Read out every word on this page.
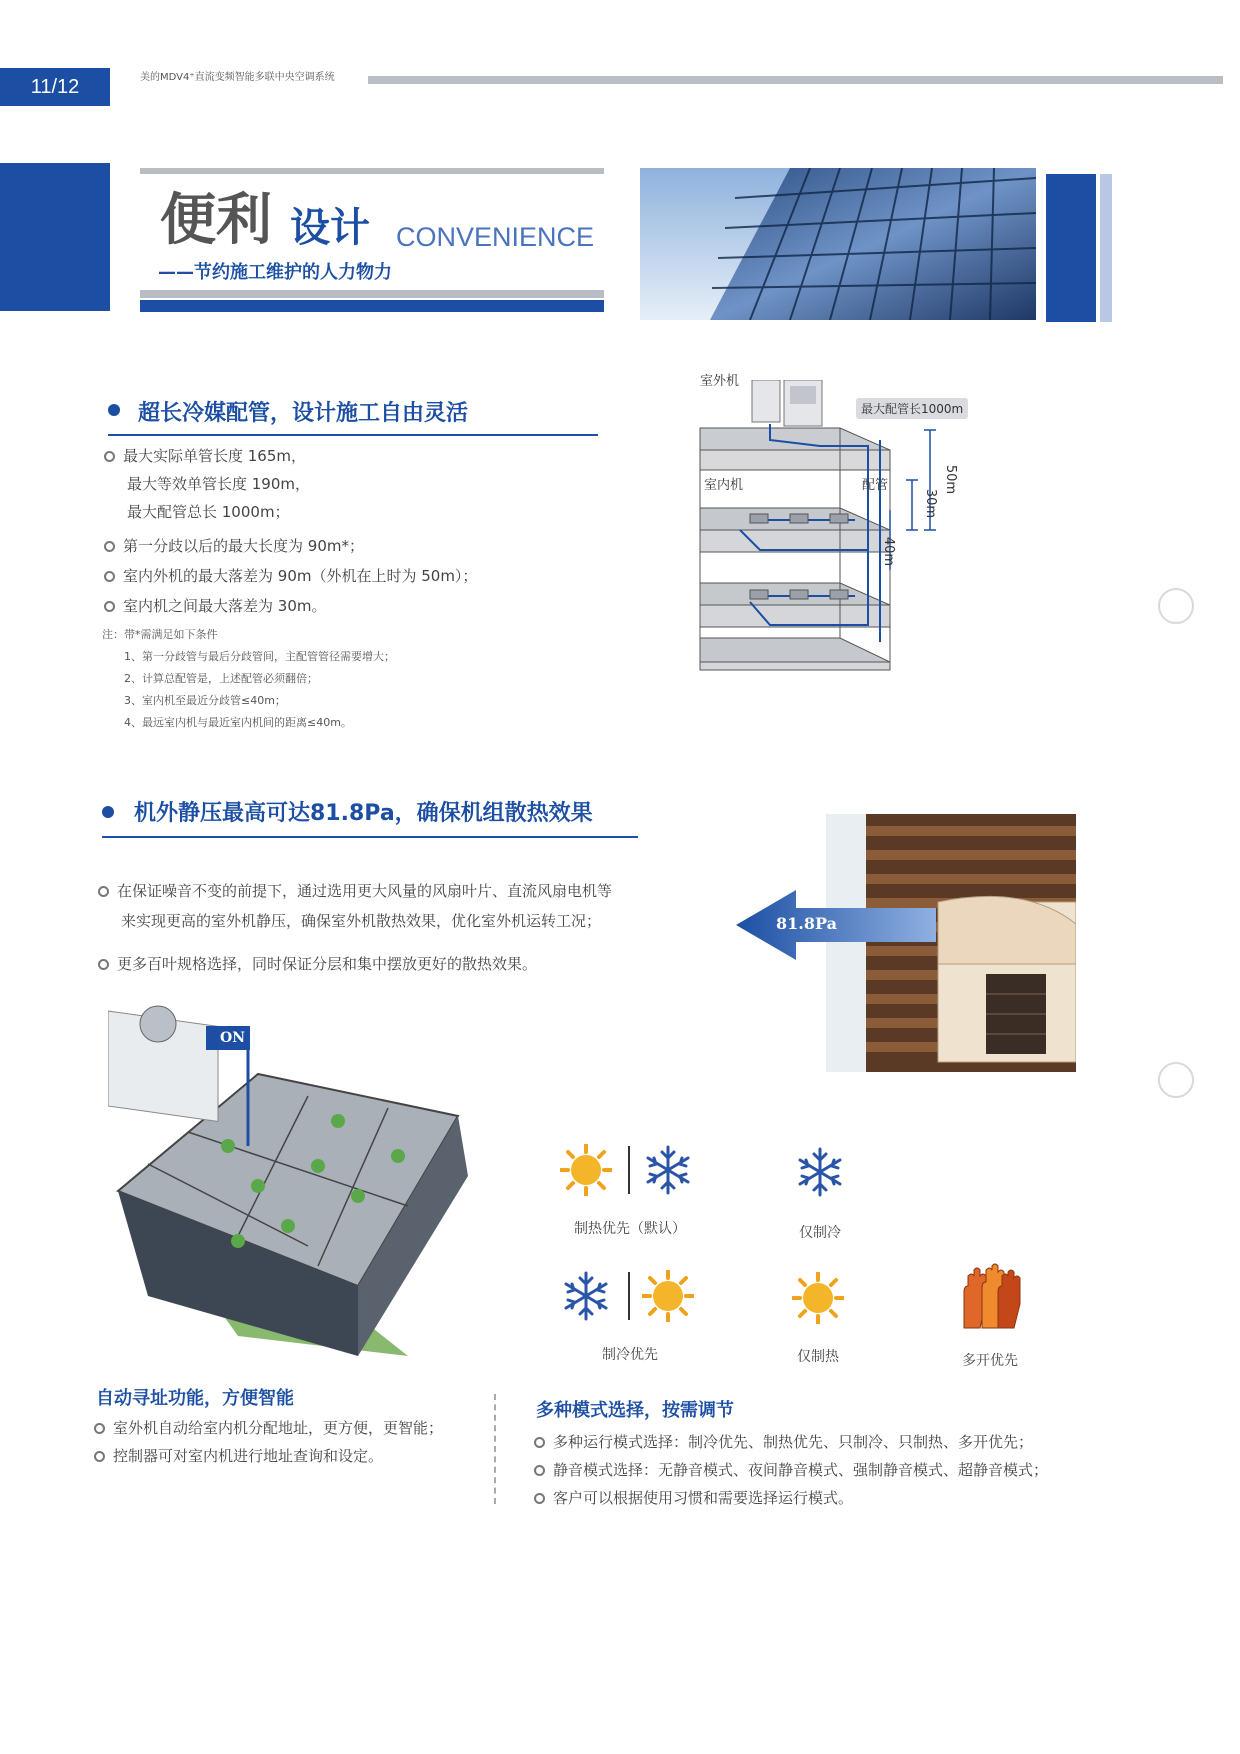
11/12	美的MDV4⁺直流变频智能多联中央空调系统
便利 设计 CONVENIENCE
——节约施工维护的人力物力
超长冷媒配管，设计施工自由灵活
最大实际单管长度 165m，
最大等效单管长度 190m，
最大配管总长 1000m；
第一分歧以后的最大长度为 90m*；
室内外机的最大落差为 90m（外机在上时为 50m）；
室内机之间最大落差为 30m。
注：带*需满足如下条件
1、第一分歧管与最后分歧管间，主配管管径需要增大；
2、计算总配管是，上述配管必须翻倍；
3、室内机至最近分歧管≤40m；
4、最远室内机与最近室内机间的距离≤40m。
室外机
室内机	配管
最大配管长1000m
50m
30m
40m
机外静压最高可达81.8Pa，确保机组散热效果
在保证噪音不变的前提下，通过选用更大风量的风扇叶片、直流风扇电机等
来实现更高的室外机静压，确保室外机散热效果，优化室外机运转工况；
更多百叶规格选择，同时保证分层和集中摆放更好的散热效果。
81.8Pa
ON
自动寻址功能，方便智能
室外机自动给室内机分配地址，更方便，更智能；
控制器可对室内机进行地址查询和设定。
制热优先（默认）	仅制冷
制冷优先	仅制热	多开优先
多种模式选择，按需调节
多种运行模式选择：制冷优先、制热优先、只制冷、只制热、多开优先；
静音模式选择：无静音模式、夜间静音模式、强制静音模式、超静音模式；
客户可以根据使用习惯和需要选择运行模式。
